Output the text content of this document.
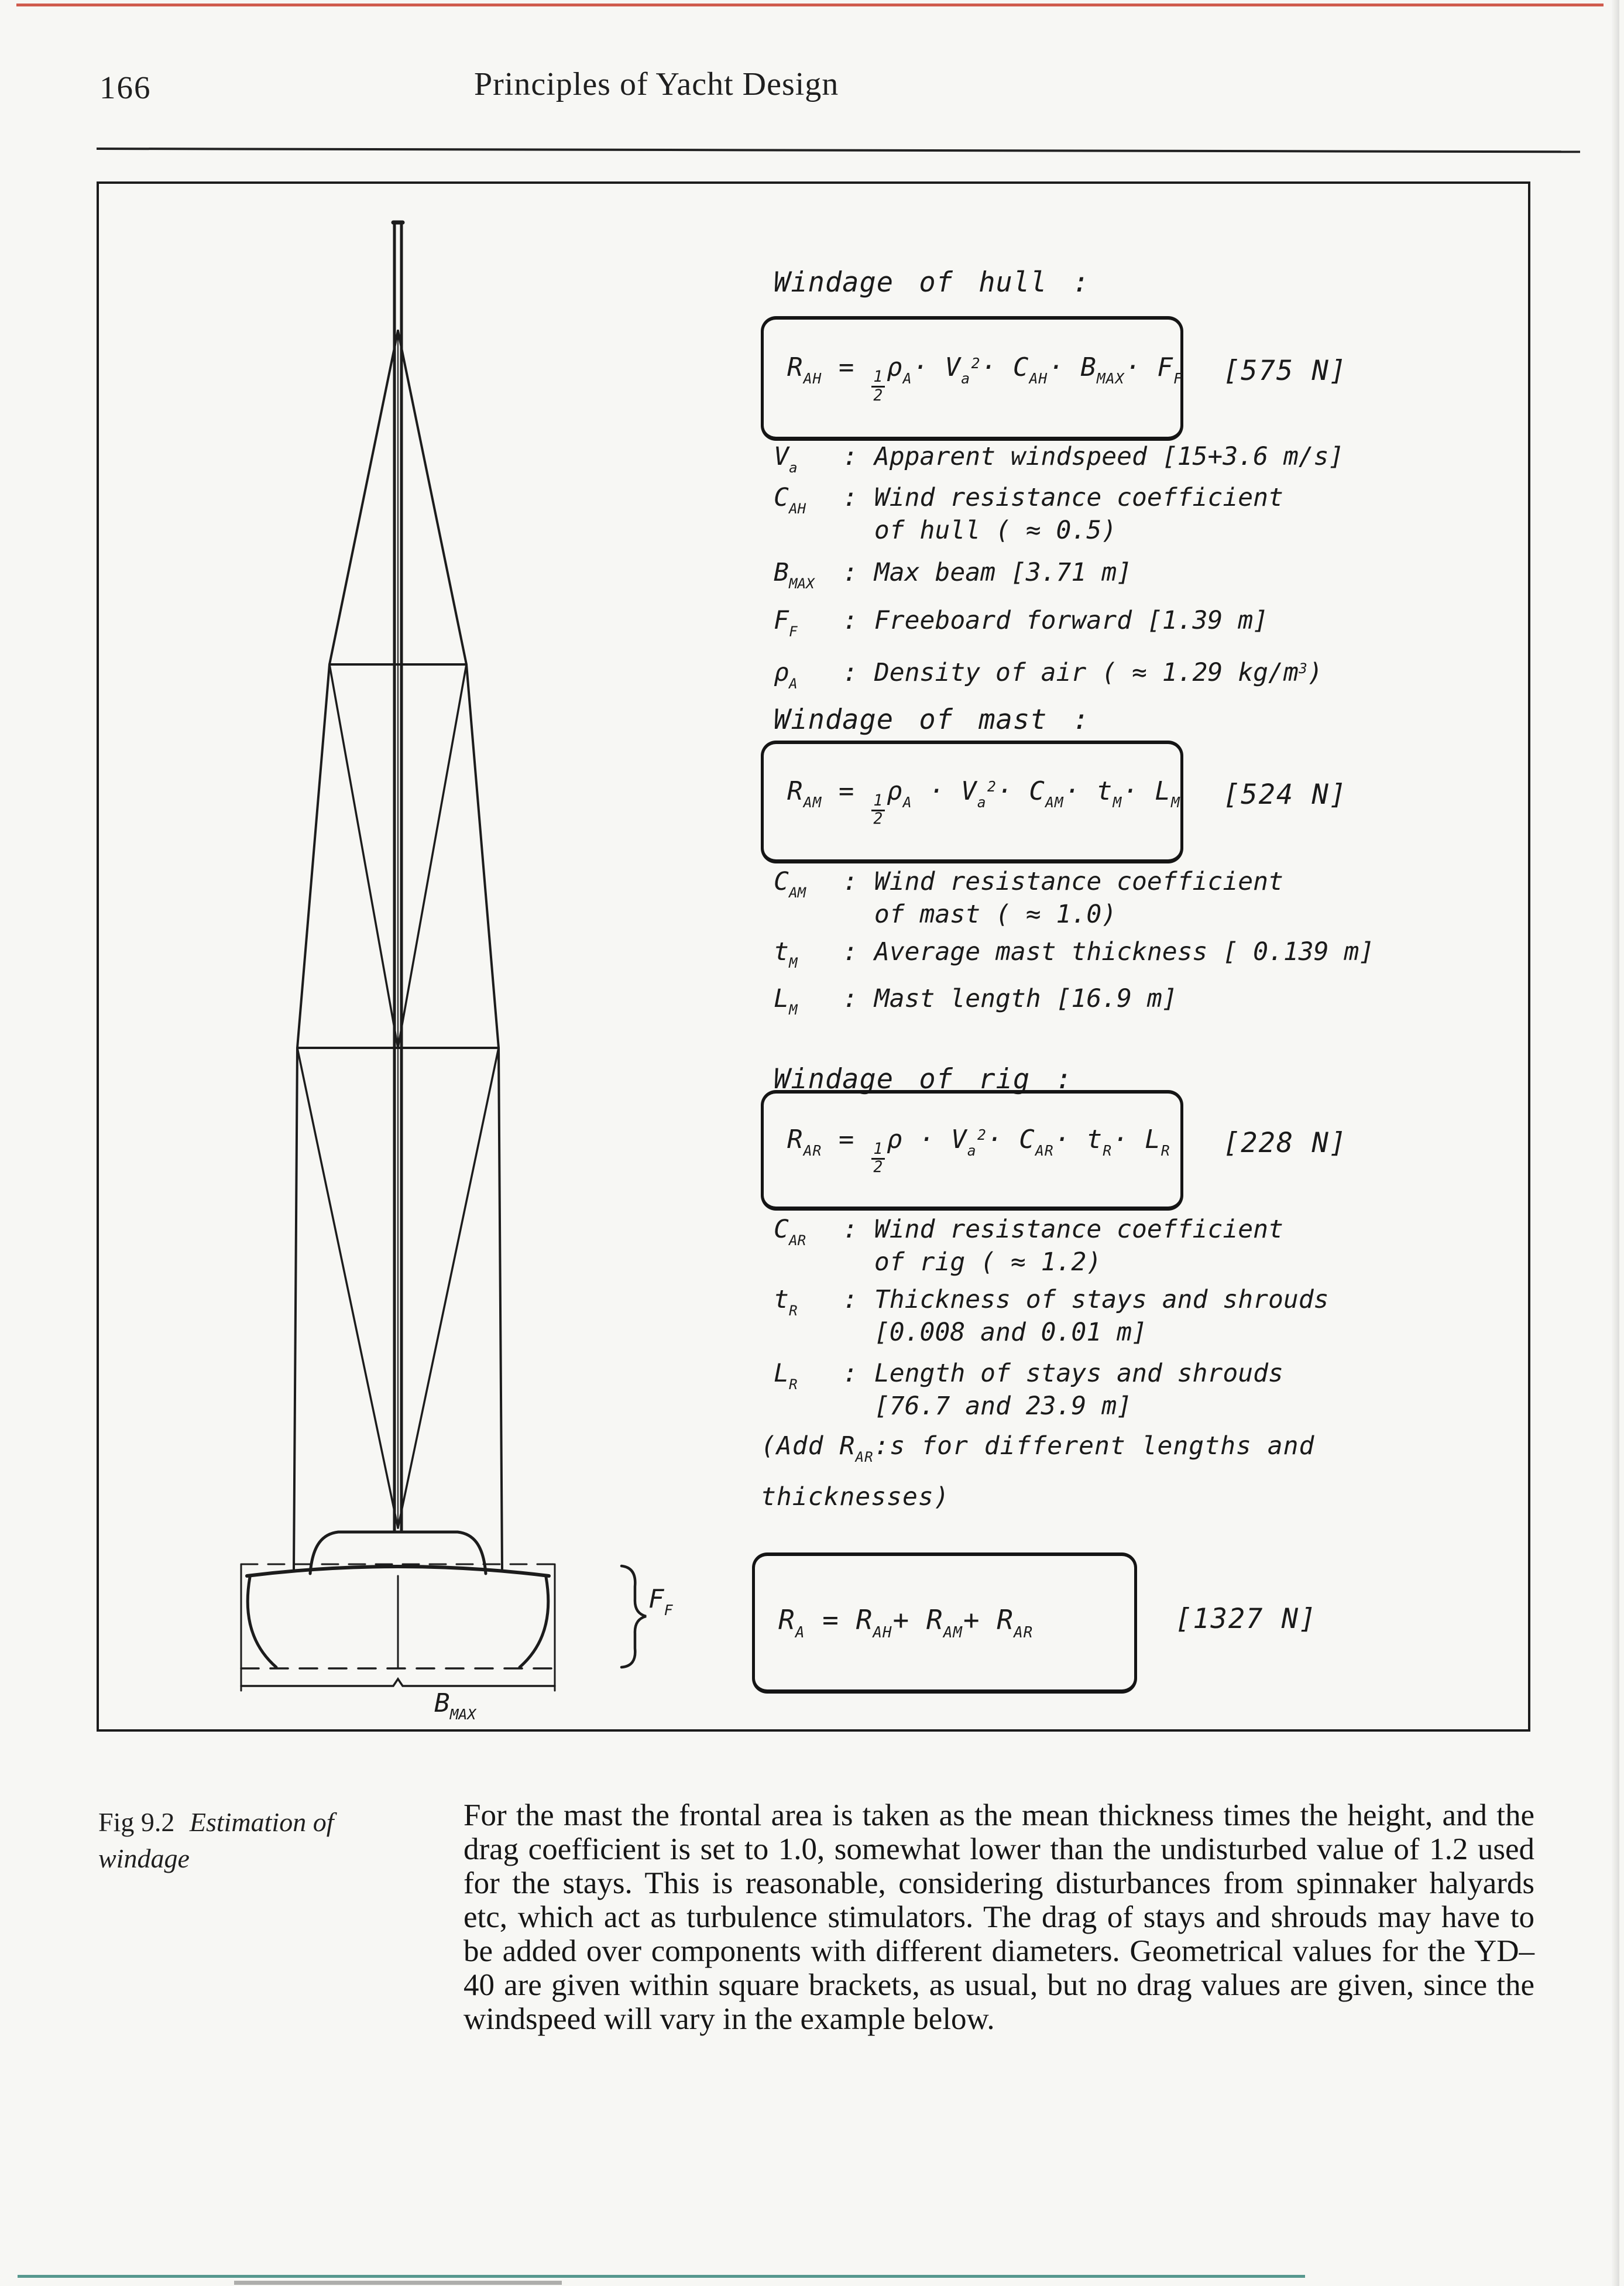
166	Principles of Yacht Design
$F_F$
$B_{MAX}$
Windage of hull :
$R_{AH}$ =
$\frac{1}{2}$
$\rho_A\cdot V_a^2\cdot C_{AH}\cdot B_{MAX}\cdot F_F$ [575 N]
$V_a$	: Apparent windspeed [15+3.6 m/s]
$C_{AH}$	: Wind resistance coefficient
of hull ( ≈ 0.5)
$B_{MAX}$	: Max beam [3.71 m]
$F_F$	: Freeboard forward [1.39 m]
$\rho_A$	: Density of air ( ≈ 1.29 $kg/m^3$)
Windage of mast :
$R_{AM}$ =
$\frac{1}{2}$
$\rho_A \cdot V_a^2\cdot C_{AM}\cdot t_M\cdot L_M$ [524 N]
$C_{AM}$	: Wind resistance coefficient
of mast ( ≈ 1.0)
$t_M$	: Average mast thickness [ 0.139 m]
$L_M$	: Mast length [16.9 m]
Windage of rig :
$R_{AR}$ =
$\frac{1}{2}$
$\rho \cdot V_a^2\cdot C_{AR}\cdot t_R\cdot L_R$ [228 N]
$C_{AR}$	: Wind resistance coefficient
of rig ( ≈ 1.2)
$t_R$	: Thickness of stays and shrouds
[0.008 and 0.01 m]
$L_R$	: Length of stays and shrouds
[76.7 and 23.9 m]
(Add $R_{AR}:s$ for different lengths and
thicknesses)
$R_A = R_{AH}+ R_{AM}+ R_{AR}$	[1327 N]
Fig 9.2 Estimation of
windage
For the mast the frontal area is taken as the mean thickness times the height, and the drag coefficient is set to 1.0, somewhat lower than the undisturbed value of 1.2 used for the stays. This is reasonable, considering disturbances from spinnaker halyards etc, which act as turbulence stimulators. The drag of stays and shrouds may have to be added over components with different diameters. Geometrical values for the YD–40 are given within square brackets, as usual, but no drag values are given, since the windspeed will vary in the example below.
